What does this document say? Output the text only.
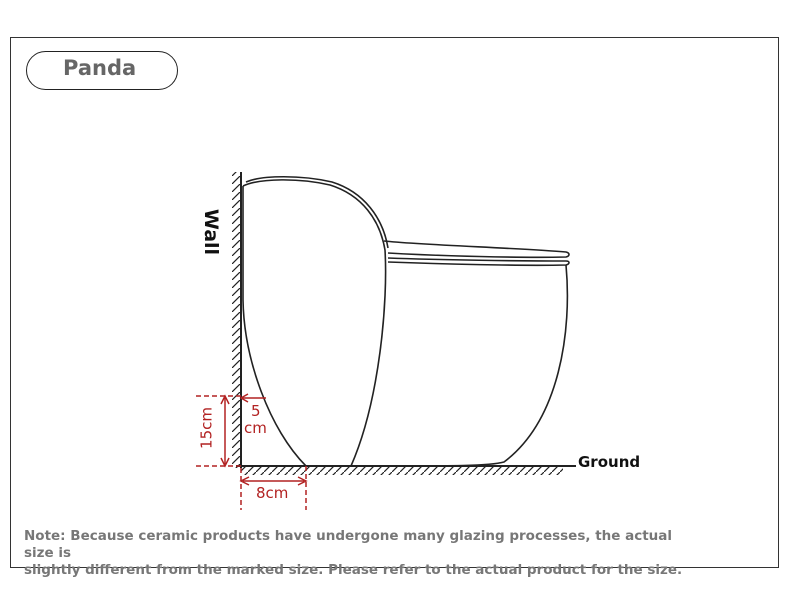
Panda
Wall
Ground
15cm 5
cm
8cm
Note: Because ceramic products have undergone many glazing processes, the actual size is
slightly different from the marked size. Please refer to the actual product for the size.
